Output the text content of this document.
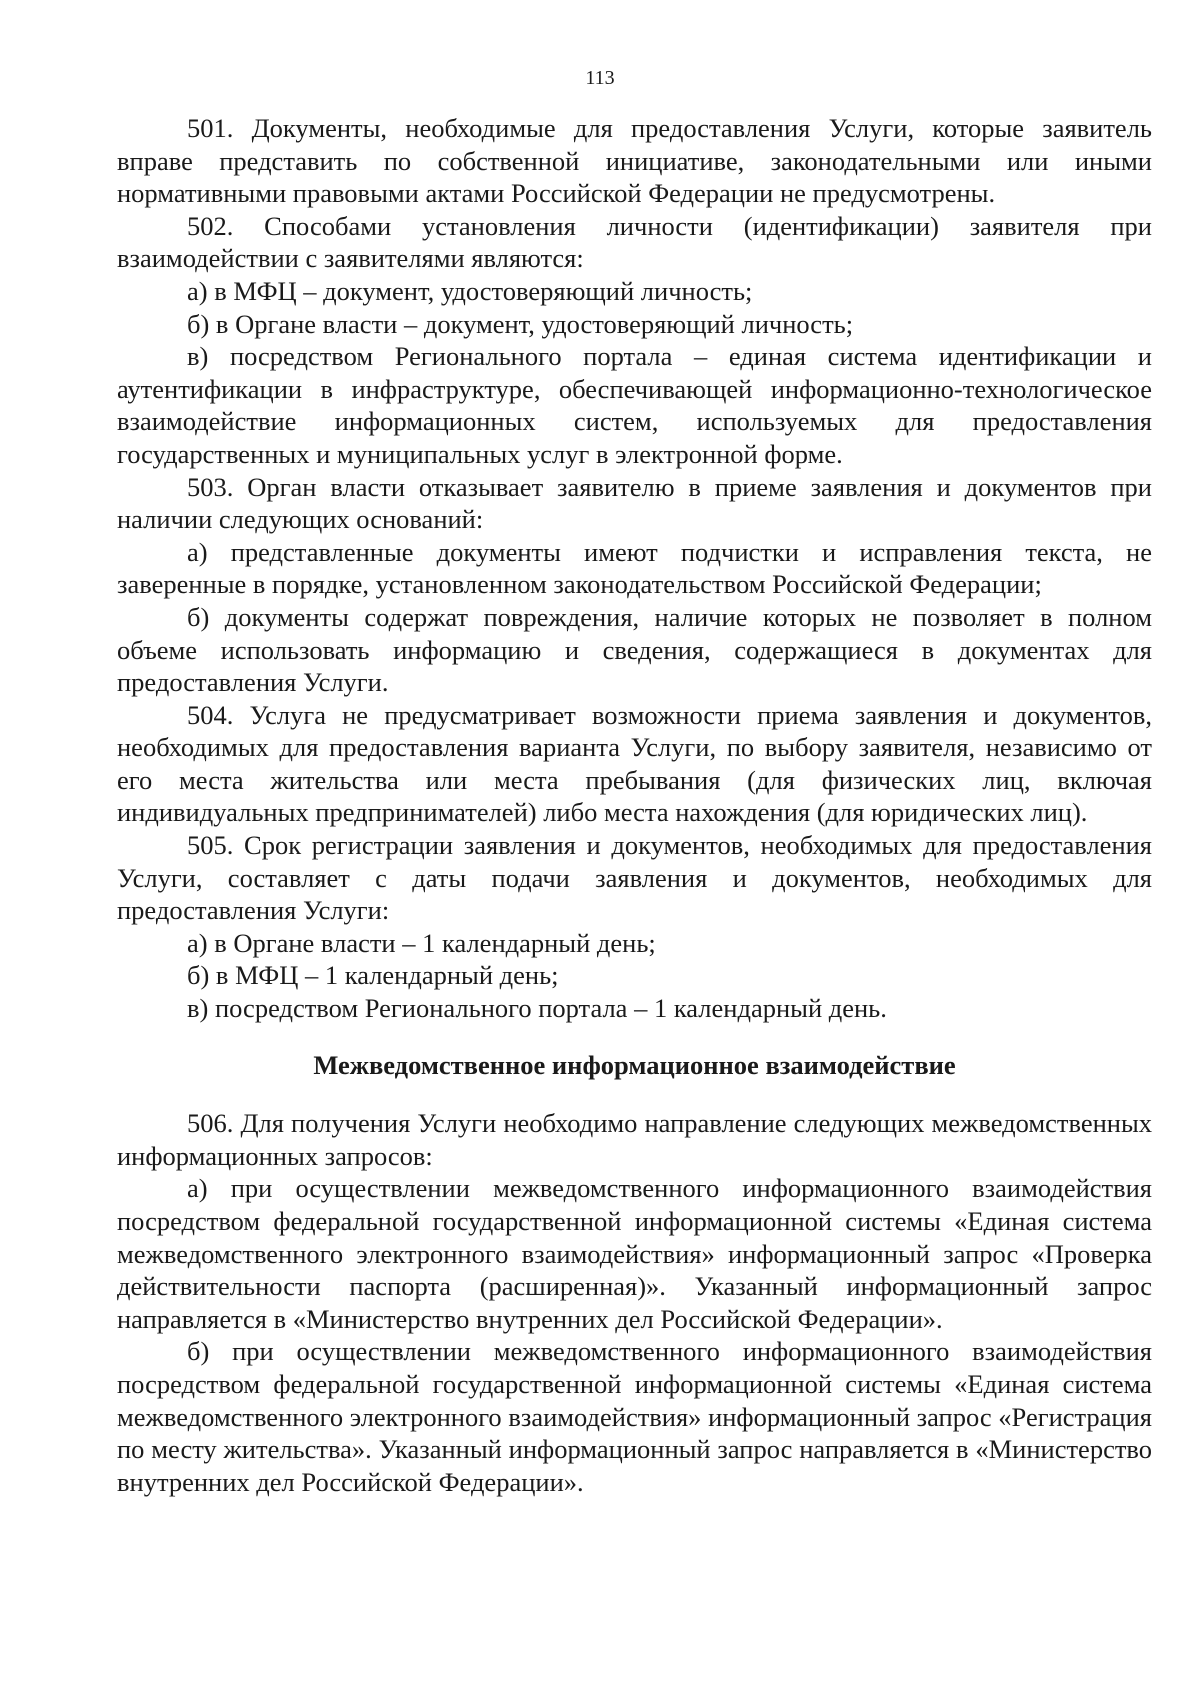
113

501. Документы, необходимые для предоставления Услуги, которые заявитель вправе представить по собственной инициативе, законодательными или иными нормативными правовыми актами Российской Федерации не предусмотрены.

502. Способами установления личности (идентификации) заявителя при взаимодействии с заявителями являются:

а) в МФЦ – документ, удостоверяющий личность;

б) в Органе власти – документ, удостоверяющий личность;

в) посредством Регионального портала – единая система идентификации и аутентификации в инфраструктуре, обеспечивающей информационно-технологическое взаимодействие информационных систем, используемых для предоставления государственных и муниципальных услуг в электронной форме.

503. Орган власти отказывает заявителю в приеме заявления и документов при наличии следующих оснований:

а) представленные документы имеют подчистки и исправления текста, не заверенные в порядке, установленном законодательством Российской Федерации;

б) документы содержат повреждения, наличие которых не позволяет в полном объеме использовать информацию и сведения, содержащиеся в документах для предоставления Услуги.

504. Услуга не предусматривает возможности приема заявления и документов, необходимых для предоставления варианта Услуги, по выбору заявителя, независимо от его места жительства или места пребывания (для физических лиц, включая индивидуальных предпринимателей) либо места нахождения (для юридических лиц).

505. Срок регистрации заявления и документов, необходимых для предоставления Услуги, составляет с даты подачи заявления и документов, необходимых для предоставления Услуги:

а) в Органе власти – 1 календарный день;

б) в МФЦ – 1 календарный день;

в) посредством Регионального портала – 1 календарный день.

Межведомственное информационное взаимодействие

506. Для получения Услуги необходимо направление следующих межведомственных информационных запросов:

а) при осуществлении межведомственного информационного взаимодействия посредством федеральной государственной информационной системы «Единая система межведомственного электронного взаимодействия» информационный запрос «Проверка действительности паспорта (расширенная)». Указанный информационный запрос направляется в «Министерство внутренних дел Российской Федерации».

б) при осуществлении межведомственного информационного взаимодействия посредством федеральной государственной информационной системы «Единая система межведомственного электронного взаимодействия» информационный запрос «Регистрация по месту жительства». Указанный информационный запрос направляется в «Министерство внутренних дел Российской Федерации».
